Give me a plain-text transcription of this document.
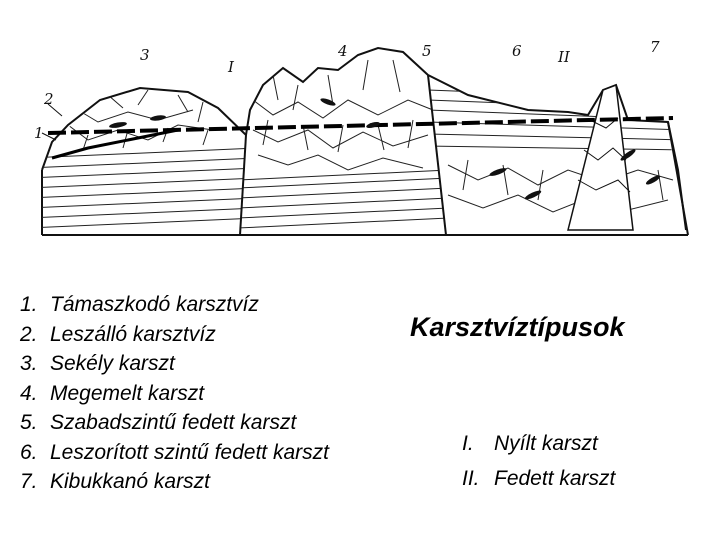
1
2
3
I
4	5	6 II
7
1. Támaszkodó karsztvíz
2. Leszálló karsztvíz
3. Sekély karszt
4. Megemelt karszt
5. Szabadszintű fedett karszt
6. Leszorított szintű fedett karszt
7. Kibukkanó karszt
Karsztvíztípusok
I. Nyílt karszt
II. Fedett karszt
